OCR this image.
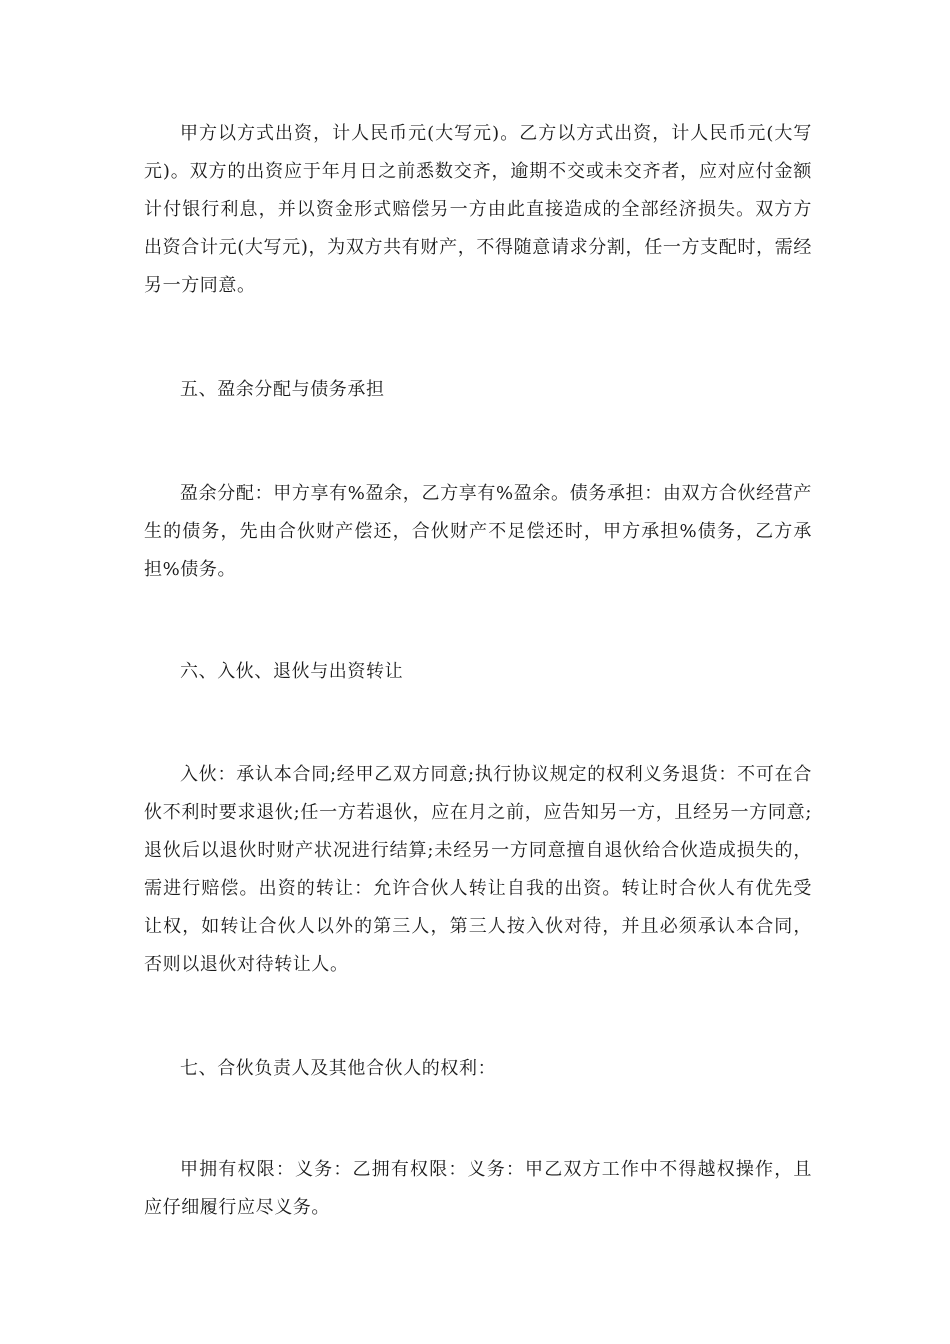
甲方以方式出资，计人民币元(大写元)。乙方以方式出资，计人民币元(大写元)。双方的出资应于年月日之前悉数交齐，逾期不交或未交齐者，应对应付金额计付银行利息，并以资金形式赔偿另一方由此直接造成的全部经济损失。双方方出资合计元(大写元)，为双方共有财产，不得随意请求分割，任一方支配时，需经另一方同意。

五、盈余分配与债务承担

盈余分配：甲方享有%盈余，乙方享有%盈余。债务承担：由双方合伙经营产生的债务，先由合伙财产偿还，合伙财产不足偿还时，甲方承担%债务，乙方承担%债务。

六、入伙、退伙与出资转让

入伙：承认本合同;经甲乙双方同意;执行协议规定的权利义务退货：不可在合伙不利时要求退伙;任一方若退伙，应在月之前，应告知另一方，且经另一方同意;退伙后以退伙时财产状况进行结算;未经另一方同意擅自退伙给合伙造成损失的，需进行赔偿。出资的转让：允许合伙人转让自我的出资。转让时合伙人有优先受让权，如转让合伙人以外的第三人，第三人按入伙对待，并且必须承认本合同，否则以退伙对待转让人。

七、合伙负责人及其他合伙人的权利：

甲拥有权限：义务：乙拥有权限：义务：甲乙双方工作中不得越权操作，且应仔细履行应尽义务。
